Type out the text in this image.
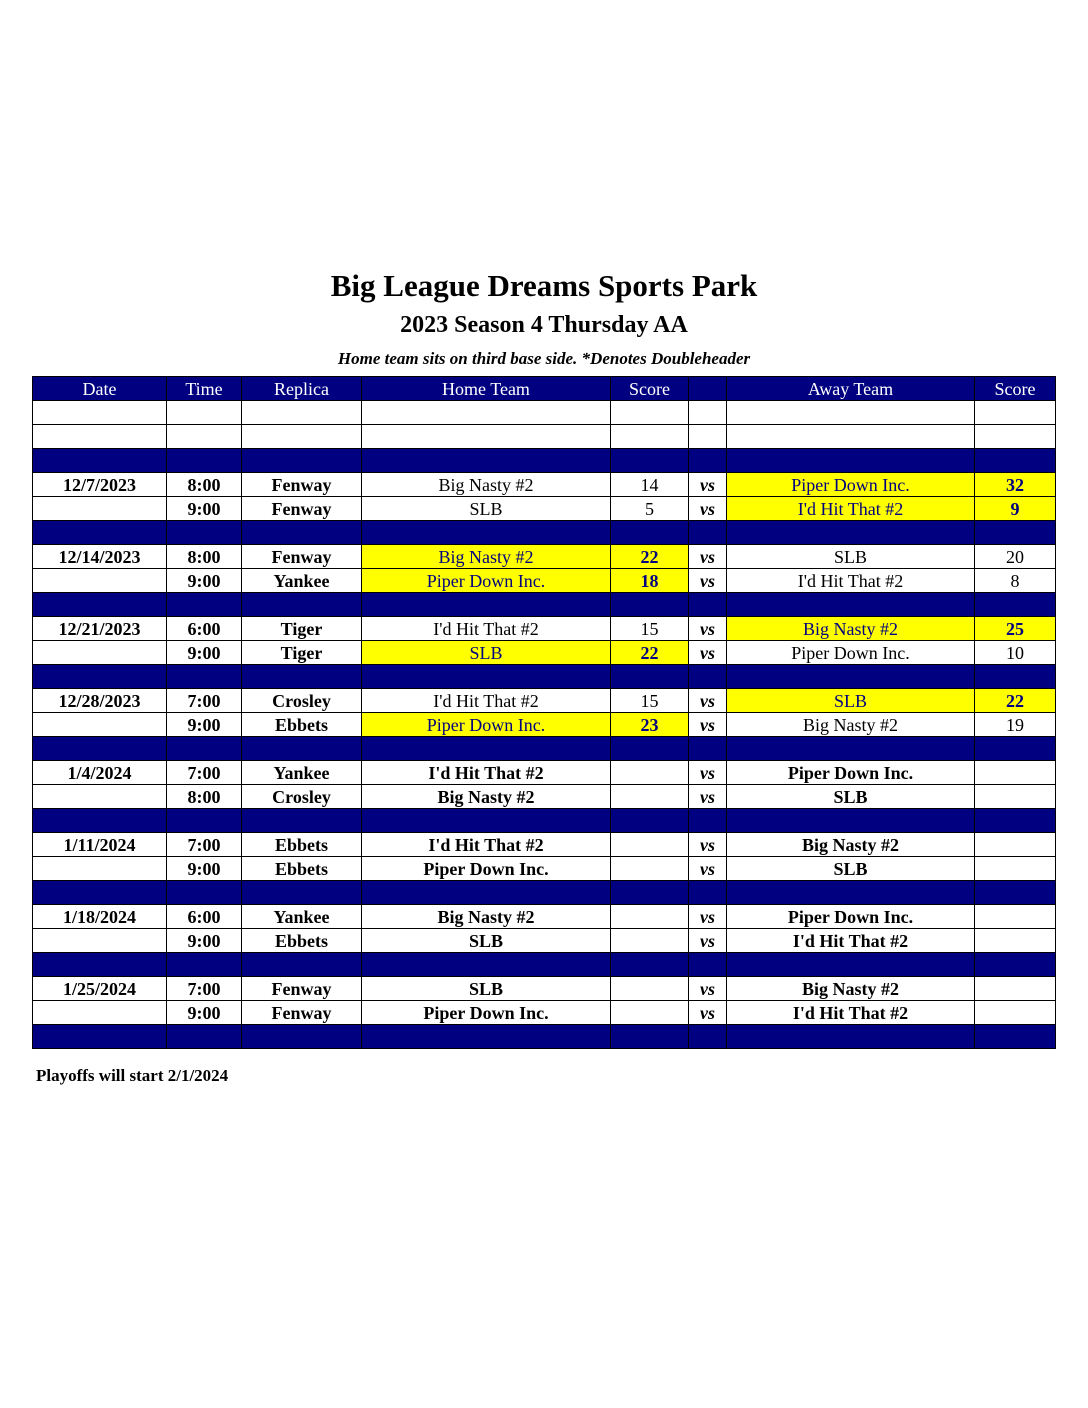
Big League Dreams Sports Park
2023 Season 4 Thursday AA
Home team sits on third base side. *Denotes Doubleheader
Date	Time	Replica	Home Team	Score		Away Team	Score

12/7/2023	8:00	Fenway	Big Nasty #2	14	vs	Piper Down Inc.	32
	9:00	Fenway	SLB	5	vs	I'd Hit That #2	9

12/14/2023	8:00	Fenway	Big Nasty #2	22	vs	SLB	20
	9:00	Yankee	Piper Down Inc.	18	vs	I'd Hit That #2	8

12/21/2023	6:00	Tiger	I'd Hit That #2	15	vs	Big Nasty #2	25
	9:00	Tiger	SLB	22	vs	Piper Down Inc.	10

12/28/2023	7:00	Crosley	I'd Hit That #2	15	vs	SLB	22
	9:00	Ebbets	Piper Down Inc.	23	vs	Big Nasty #2	19

1/4/2024	7:00	Yankee	I'd Hit That #2		vs	Piper Down Inc.	
	8:00	Crosley	Big Nasty #2		vs	SLB	

1/11/2024	7:00	Ebbets	I'd Hit That #2		vs	Big Nasty #2	
	9:00	Ebbets	Piper Down Inc.		vs	SLB	

1/18/2024	6:00	Yankee	Big Nasty #2		vs	Piper Down Inc.	
	9:00	Ebbets	SLB		vs	I'd Hit That #2	

1/25/2024	7:00	Fenway	SLB		vs	Big Nasty #2	
	9:00	Fenway	Piper Down Inc.		vs	I'd Hit That #2	

Playoffs will start 2/1/2024
